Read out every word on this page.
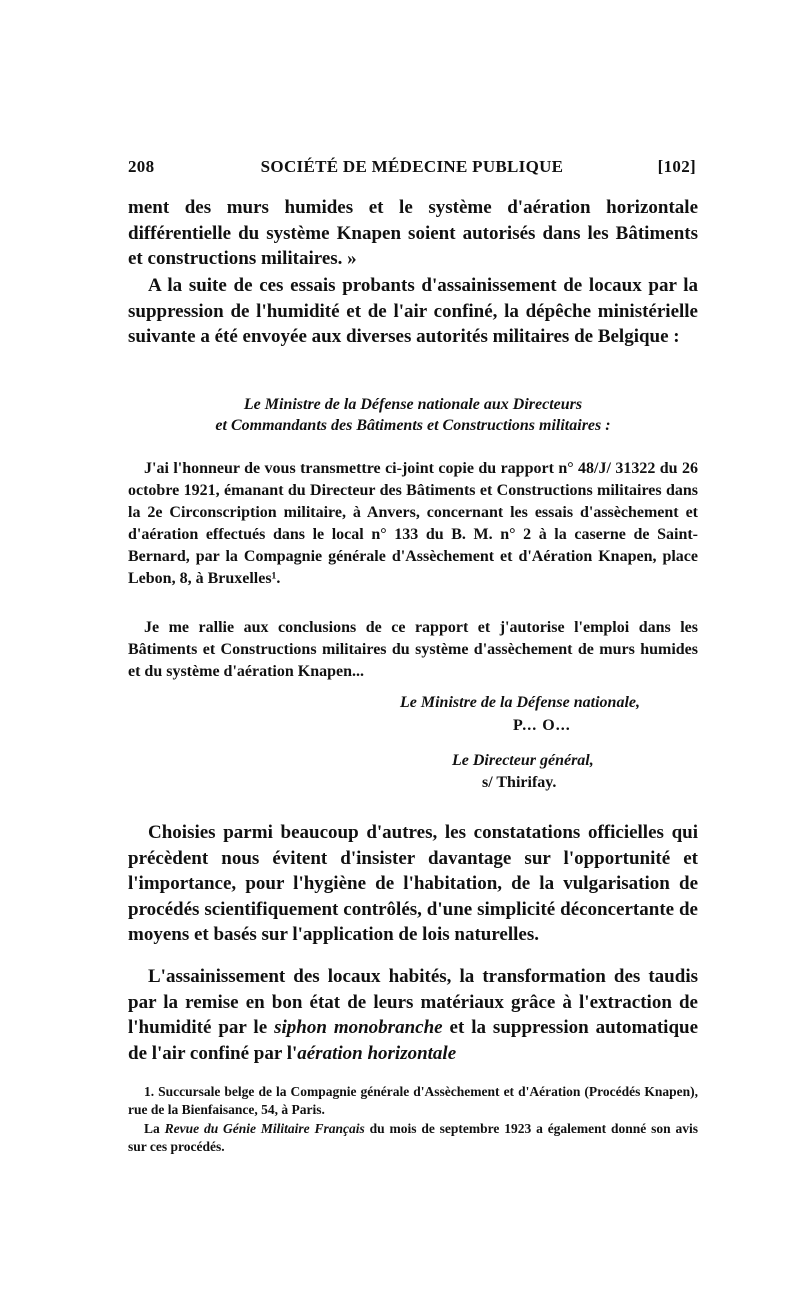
208	SOCIÉTÉ DE MÉDECINE PUBLIQUE	[102]
ment des murs humides et le système d'aération horizontale différentielle du système Knapen soient autorisés dans les Bâtiments et constructions militaires. »
A la suite de ces essais probants d'assainissement de locaux par la suppression de l'humidité et de l'air confiné, la dépêche ministérielle suivante a été envoyée aux diverses autorités militaires de Belgique :
Le Ministre de la Défense nationale aux Directeurs
et Commandants des Bâtiments et Constructions militaires :
J'ai l'honneur de vous transmettre ci-joint copie du rapport n° 48/J/ 31322 du 26 octobre 1921, émanant du Directeur des Bâtiments et Constructions militaires dans la 2e Circonscription militaire, à Anvers, concernant les essais d'assèchement et d'aération effectués dans le local n° 133 du B. M. n° 2 à la caserne de Saint-Bernard, par la Compagnie générale d'Assèchement et d'Aération Knapen, place Lebon, 8, à Bruxelles¹.
Je me rallie aux conclusions de ce rapport et j'autorise l'emploi dans les Bâtiments et Constructions militaires du système d'assèchement de murs humides et du système d'aération Knapen...
Le Ministre de la Défense nationale,
P... O...
Le Directeur général,
s/ Thirifay.
Choisies parmi beaucoup d'autres, les constatations officielles qui précèdent nous évitent d'insister davantage sur l'opportunité et l'importance, pour l'hygiène de l'habitation, de la vulgarisation de procédés scientifiquement contrôlés, d'une simplicité déconcertante de moyens et basés sur l'application de lois naturelles.
L'assainissement des locaux habités, la transformation des taudis par la remise en bon état de leurs matériaux grâce à l'extraction de l'humidité par le siphon monobranche et la suppression automatique de l'air confiné par l'aération horizontale
1. Succursale belge de la Compagnie générale d'Assèchement et d'Aération (Procédés Knapen), rue de la Bienfaisance, 54, à Paris.
La Revue du Génie Militaire Français du mois de septembre 1923 a également donné son avis sur ces procédés.
